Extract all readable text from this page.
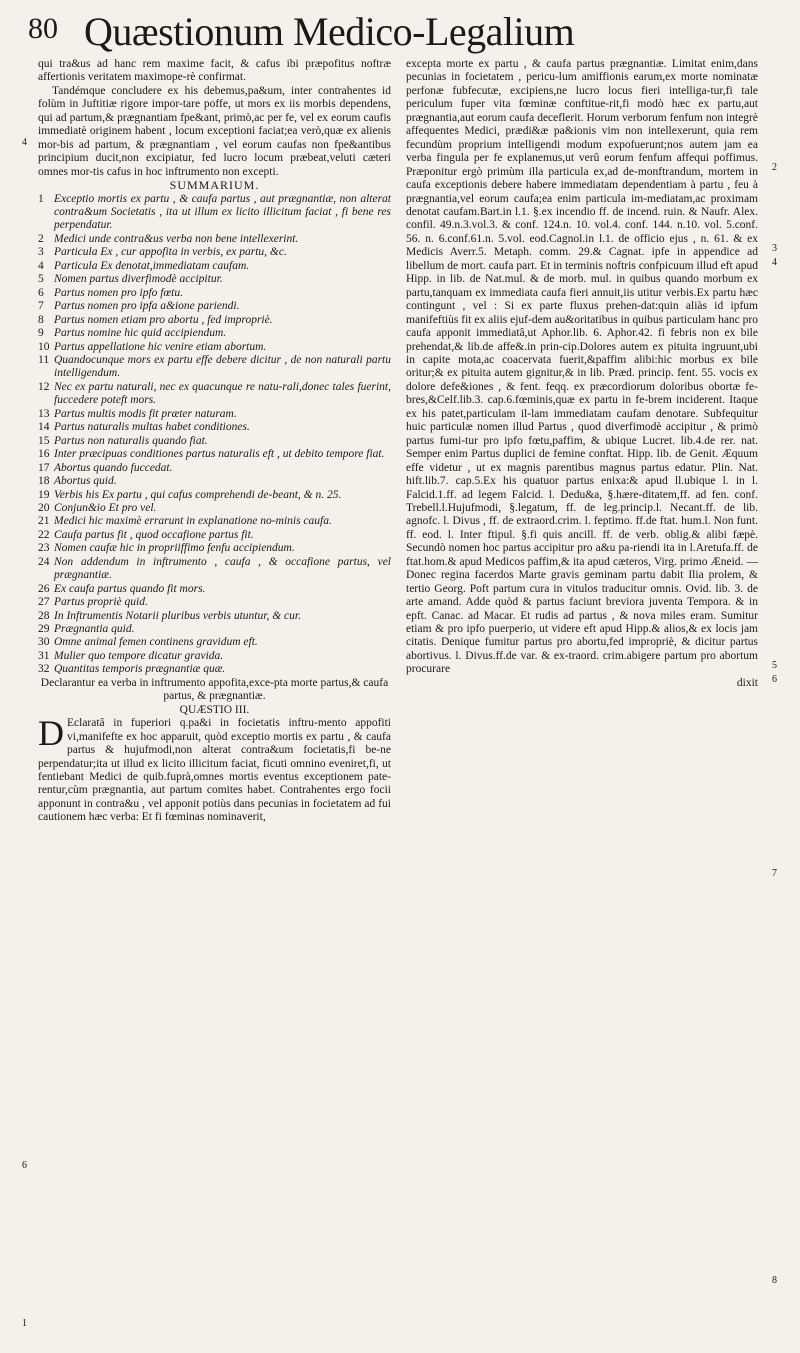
80 Quæstionum Medico-Legalium

qui tra&us ad hanc rem maxime facit, & cafus ibi præpofitus noftræ affertionis veritatem maximope-rè confirmat.

Tandémque concludere ex his debemus,pa&um, inter contrahentes id folùm in Juftitiæ rigore impor-tare poffe, ut mors ex iis morbis dependens, qui ad partum,& prægnantiam fpe&ant, primò,ac per fe, vel ex eorum caufis immediatè originem habent , locum exceptioni faciat;ea verò,quæ ex alienis mor-bis ad partum, & prægnantiam , vel eorum caufas non fpe&antibus principium ducit,non excipiatur, fed lucro locum præbeat,veluti cæteri omnes mor-tis cafus in hoc inftrumento non excepti.

SUMMARIUM.

1 Exceptio mortis ex partu , & caufa partus , aut prægnantiæ, non alterat contra&um Societatis , ita ut illum ex licito illicitum faciat , fi bene res perpendatur.
2 Medici unde contra&us verba non bene intellexerint.
3 Particula Ex , cur appofita in verbis, ex partu, &c.
4 Particula Ex denotat,immediatam caufam.
5 Nomen partus diverfimodè accipitur.
6 Partus nomen pro ipfo fœtu.
7 Partus nomen pro ipfa a&ione pariendi.
8 Partus nomen etiam pro abortu , fed impropriè.
9 Partus nomine hic quid accipiendum.
10 Partus appellatione hic venire etiam abortum.
11 Quandocunque mors ex partu effe debere dicitur , de non naturali partu intelligendum.
12 Nec ex partu naturali, nec ex quacunque re natu-rali,donec tales fuerint, fuccedere poteft mors.
13 Partus multis modis fit præter naturam.
14 Partus naturalis multas habet conditiones.
15 Partus non naturalis quando fiat.
16 Inter præcipuas conditiones partus naturalis eft , ut debito tempore fiat.
17 Abortus quando fuccedat.
18 Abortus quid.
19 Verbis his Ex partu , qui cafus comprehendi de-beant, & n. 25.
20 Conjun&io Et pro vel.
21 Medici hic maximè errarunt in explanatione no-minis caufa.
22 Caufa partus fit , quod occafione partus fit.
23 Nomen caufæ hic in propriiffimo fenfu accipiendum.
24 Non addendum in inftrumento , caufa , & occafione partus, vel prægnantiæ.
26 Ex caufa partus quando fit mors.
27 Partus propriè quid.
28 In Inftrumentis Notarii pluribus verbis utuntur, & cur.
29 Prægnantia quid.
30 Omne animal femen continens gravidum eft.
31 Mulier quo tempore dicatur gravida.
32 Quantitas temporis prægnantiæ quæ.

Declarantur ea verba in inftrumento appofita,exce-pta morte partus,& caufa partus, & prægnantiæ.

QUÆSTIO III.

D Eclaratâ in fuperiori q.pa&i in focietatis inftru-mento appofiti vi,manifefte ex hoc apparuit, quòd exceptio mortis ex partu , & caufa partus & hujufmodi,non alterat contra&um focietatis,fi be-ne perpendatur;ita ut illud ex licito illicitum faciat, ficuti omnino eveniret,fi, ut fentiebant Medici de quib.fuprà,omnes mortis eventus exceptionem pate-rentur,cùm prægnantia, aut partum comites habet. Contrahentes ergo focii apponunt in contra&u , vel apponit potiùs dans pecunias in focietatem ad fui cautionem hæc verba: Et fi fœminas nominaverit,

excepta morte ex partu , & caufa partus prægnantiæ. Limitat enim,dans pecunias in focietatem , pericu-lum amiffionis earum,ex morte nominatæ perfonæ fubfecutæ, excipiens,ne lucro locus fieri intelliga-tur,fi tale periculum fuper vita fœminæ conftitue-rit,fi modò hæc ex partu,aut prægnantia,aut eorum caufa deceflerit. Horum verborum fenfum non integrè affequentes Medici, prædi&æ pa&ionis vim non intellexerunt, quia rem fecundùm proprium intelligendi modum expofuerunt;nos autem jam ea verba fingula per fe explanemus,ut verû eorum fenfum affequi poffimus. Præponitur ergò primùm illa particula ex,ad de-monftrandum, mortem in caufa exceptionis debere habere immediatam dependentiam à partu , feu à prægnantia,vel eorum caufa;ea enim particula im-mediatam,ac proximam denotat caufam.Bart.in l.1. §.ex incendio ff. de incend. ruin. & Naufr. Alex. confil. 49.n.3.vol.3. & conf. 124.n. 10. vol.4. conf. 144. n.10. vol. 5.conf. 56. n. 6.conf.61.n. 5.vol. eod.Cagnol.in l.1. de officio ejus , n. 61. & ex Medicis Averr.5. Metaph. comm. 29.& Cagnat. ipfe in appendice ad libellum de mort. caufa part. Et in terminis noftris confpicuum illud eft apud Hipp. in lib. de Nat.mul. & de morb. mul. in quibus quando morbum ex partu,tanquam ex immediata caufa fieri annuit,iis utitur verbis.Ex partu hæc contingunt , vel : Si ex parte fluxus prehen-dat:quin aliàs id ipfum manifeftiùs fit ex aliis ejuf-dem au&oritatibus in quibus particulam hanc pro caufa apponit immediatâ,ut Aphor.lib. 6. Aphor.42. fi febris non ex bile prehendat,& lib.de affe&.in prin-cip.Dolores autem ex pituita ingruunt,ubi in capite mota,ac coacervata fuerit,&paffim alibi:hic morbus ex bile oritur;& ex pituita autem gignitur,& in lib. Præd. princip. fent. 55. vocis ex dolore defe&iones , & fent. feqq. ex præcordiorum doloribus obortæ fe-bres,&Celf.lib.3. cap.6.fœminis,quæ ex partu in fe-brem inciderent. Itaque ex his patet,particulam il-lam immediatam caufam denotare. Subfequitur huic particulæ nomen illud Partus , quod diverfimodè accipitur , & primò partus fumi-tur pro ipfo fœtu,paffim, & ubique Lucret. lib.4.de rer. nat. Semper enim Partus duplici de femine conftat. Hipp. lib. de Genit. Æquum effe videtur , ut ex magnis parentibus magnus partus edatur. Plin. Nat. hift.lib.7. cap.5.Ex his quatuor partus enixa:& apud ll.ubique l. in l. Falcid.1.ff. ad legem Falcid. l. Dedu&a, §.hære-ditatem,ff. ad fen. conf. Trebell.l.Hujufmodi, §.legatum, ff. de leg.princip.l. Necant.ff. de lib. agnofc. l. Divus , ff. de extraord.crim. l. feptimo. ff.de ftat. hum.l. Non funt. ff. eod. l. Inter ftipul. §.fi quis ancill. ff. de verb. oblig.& alibi fæpè. Secundò nomen hoc partus accipitur pro a&u pa-riendi ita in l.Aretufa.ff. de ftat.hom.& apud Medicos paffim,& ita apud cæteros, Virg. primo Æneid. — Donec regina facerdos Marte gravis geminam partu dabit Ilia prolem, & tertio Georg. Poft partum cura in vitulos traducitur omnis. Ovid. lib. 3. de arte amand. Adde quòd & partus faciunt breviora juventa Tempora. & in epft. Canac. ad Macar. Et rudis ad partus , & nova miles eram. Sumitur etiam & pro ipfo puerperio, ut videre eft apud Hipp.& alios,& ex locis jam citatis. Denique fumitur partus pro abortu,fed impropriè, & dicitur partus abortivus. l. Divus.ff.de var. & ex-traord. crim.abigere partum pro abortum procurare

dixit

4
6
2
3
4
5
6
7
8
1
